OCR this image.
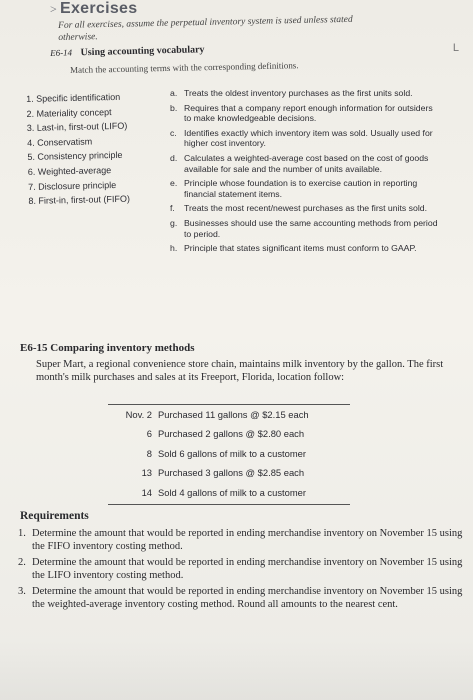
> Exercises
For all exercises, assume the perpetual inventory system is used unless stated
otherwise.
L
E6-14 Using accounting vocabulary
Match the accounting terms with the corresponding definitions.
1. Specific identification
2. Materiality concept
3. Last-in, first-out (LIFO)
4. Conservatism
5. Consistency principle
6. Weighted-average
7. Disclosure principle
8. First-in, first-out (FIFO)
a. Treats the oldest inventory purchases as the first units sold.
b. Requires that a company report enough information for outsiders to make knowledgeable decisions.
c. Identifies exactly which inventory item was sold. Usually used for higher cost inventory.
d. Calculates a weighted-average cost based on the cost of goods available for sale and the number of units available.
e. Principle whose foundation is to exercise caution in reporting financial statement items.
f. Treats the most recent/newest purchases as the first units sold.
g. Businesses should use the same accounting methods from period to period.
h. Principle that states significant items must conform to GAAP.
E6-15 Comparing inventory methods
Super Mart, a regional convenience store chain, maintains milk inventory by the gallon. The first month's milk purchases and sales at its Freeport, Florida, location follow:
Nov. 2 Purchased 11 gallons @ $2.15 each
6 Purchased 2 gallons @ $2.80 each
8 Sold 6 gallons of milk to a customer
13 Purchased 3 gallons @ $2.85 each
14 Sold 4 gallons of milk to a customer
Requirements
1. Determine the amount that would be reported in ending merchandise inventory on November 15 using the FIFO inventory costing method.
2. Determine the amount that would be reported in ending merchandise inventory on November 15 using the LIFO inventory costing method.
3. Determine the amount that would be reported in ending merchandise inventory on November 15 using the weighted-average inventory costing method. Round all amounts to the nearest cent.
